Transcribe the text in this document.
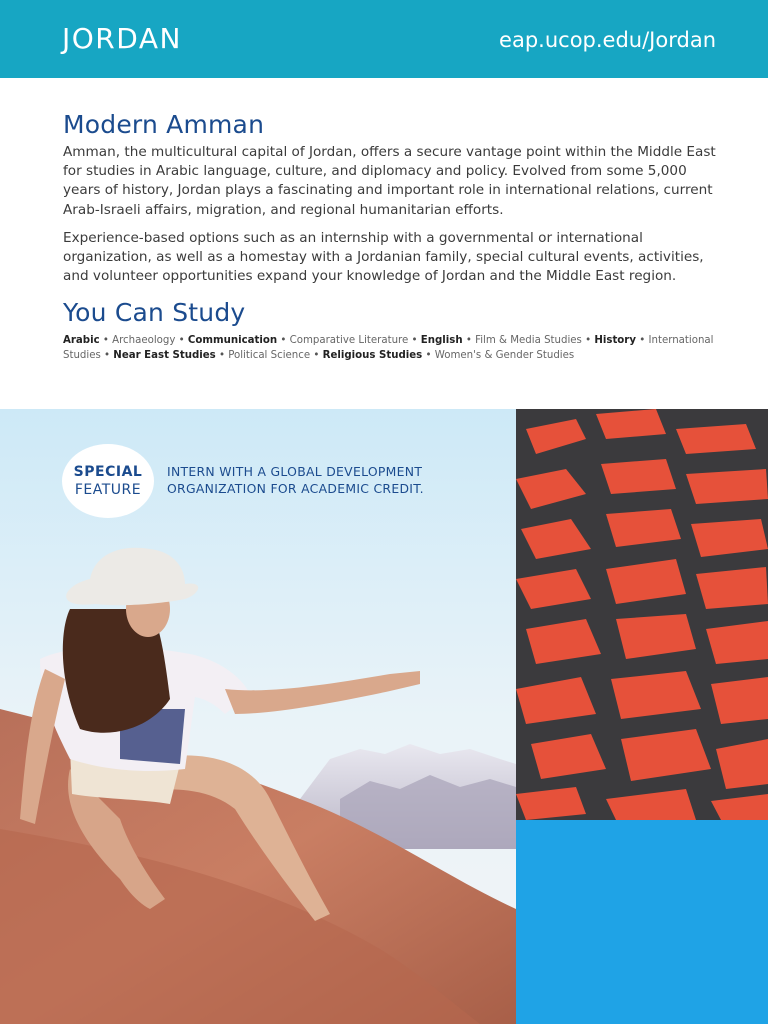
JORDAN	eap.ucop.edu/Jordan
Modern Amman

Amman, the multicultural capital of Jordan, offers a secure vantage point within the Middle East for studies in Arabic language, culture, and diplomacy and policy. Evolved from some 5,000 years of history, Jordan plays a fascinating and important role in international relations, current Arab-Israeli affairs, migration, and regional humanitarian efforts.

Experience-based options such as an internship with a governmental or international organization, as well as a homestay with a Jordanian family, special cultural events, activities, and volunteer opportunities expand your knowledge of Jordan and the Middle East region.

You Can Study
Arabic • Archaeology • Communication • Comparative Literature • English • Film & Media Studies • History • International Studies • Near East Studies • Political Science • Religious Studies • Women's & Gender Studies
SPECIAL
FEATURE
INTERN WITH A GLOBAL DEVELOPMENT
ORGANIZATION FOR ACADEMIC CREDIT.
